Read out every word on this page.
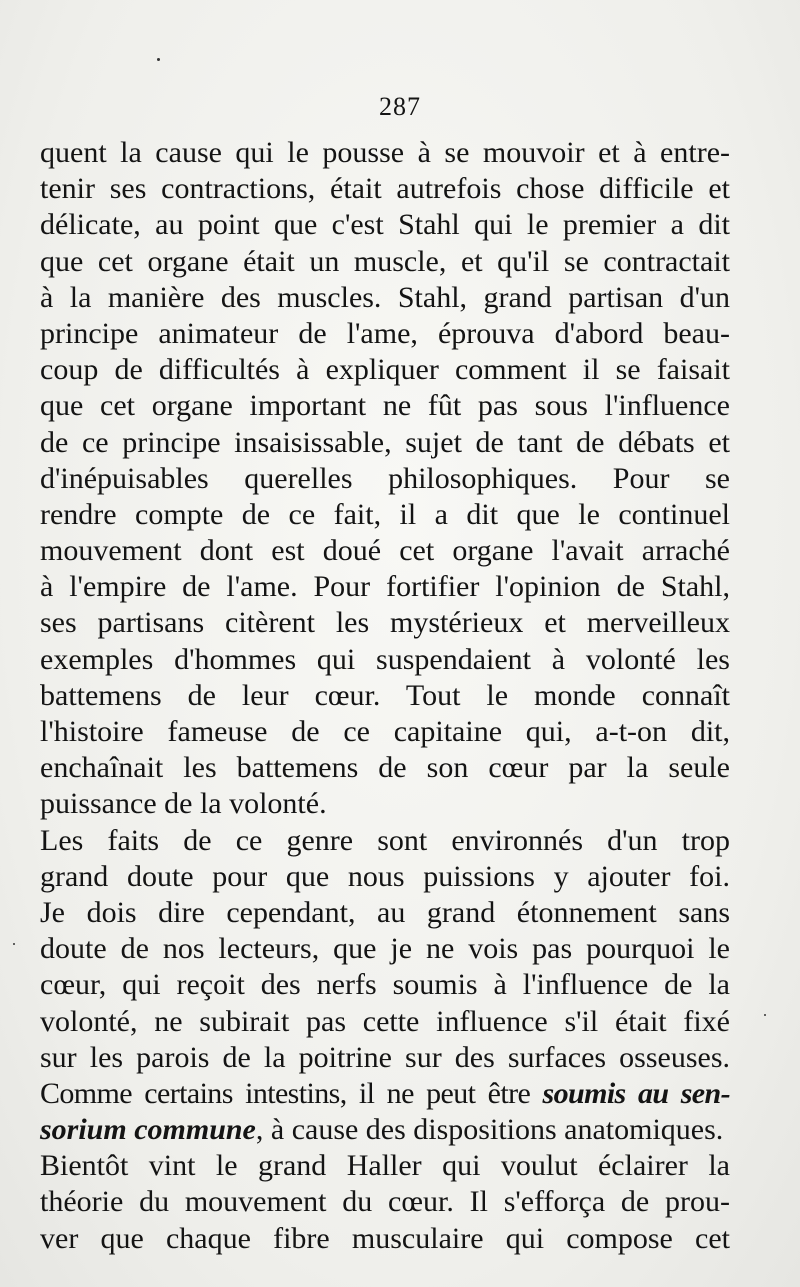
287
quent la cause qui le pousse à se mouvoir et à entre-
tenir ses contractions, était autrefois chose difficile et
délicate, au point que c'est Stahl qui le premier a dit
que cet organe était un muscle, et qu'il se contractait
à la manière des muscles. Stahl, grand partisan d'un
principe animateur de l'ame, éprouva d'abord beau-
coup de difficultés à expliquer comment il se faisait
que cet organe important ne fût pas sous l'influence
de ce principe insaisissable, sujet de tant de débats et
d'inépuisables querelles philosophiques. Pour se
rendre compte de ce fait, il a dit que le continuel
mouvement dont est doué cet organe l'avait arraché
à l'empire de l'ame. Pour fortifier l'opinion de Stahl,
ses partisans citèrent les mystérieux et merveilleux
exemples d'hommes qui suspendaient à volonté les
battemens de leur cœur. Tout le monde connaît
l'histoire fameuse de ce capitaine qui, a-t-on dit,
enchaînait les battemens de son cœur par la seule
puissance de la volonté.
Les faits de ce genre sont environnés d'un trop
grand doute pour que nous puissions y ajouter foi.
Je dois dire cependant, au grand étonnement sans
doute de nos lecteurs, que je ne vois pas pourquoi le
cœur, qui reçoit des nerfs soumis à l'influence de la
volonté, ne subirait pas cette influence s'il était fixé
sur les parois de la poitrine sur des surfaces osseuses.
Comme certains intestins, il ne peut être soumis au sen-
sorium commune, à cause des dispositions anatomiques.
Bientôt vint le grand Haller qui voulut éclairer la
théorie du mouvement du cœur. Il s'efforça de prou-
ver que chaque fibre musculaire qui compose cet
